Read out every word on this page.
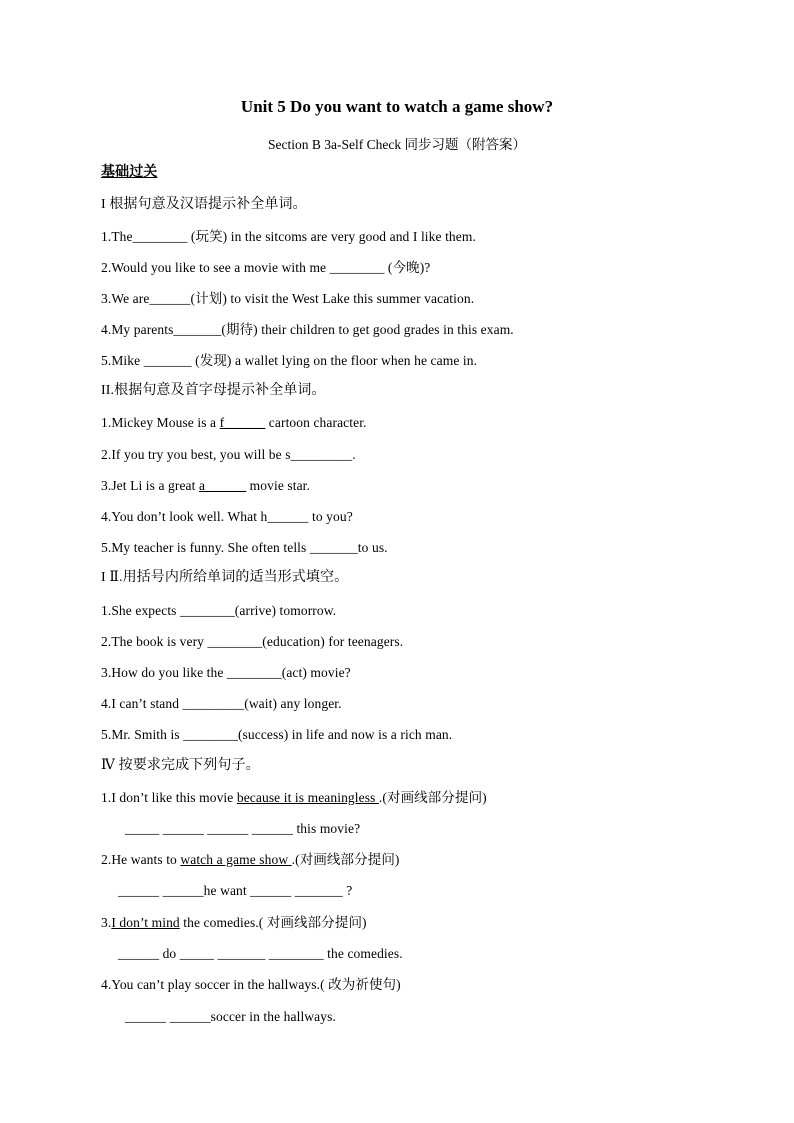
Unit 5 Do you want to watch a game show?
Section B 3a-Self Check 同步习题（附答案）
基础过关
I 根据句意及汉语提示补全单词。
1.The________ (玩笑) in the sitcoms are very good and I like them.
2.Would you like to see a movie with me ________ (今晚)?
3.We are______(计划) to visit the West Lake this summer vacation.
4.My parents_______(期待) their children to get good grades in this exam.
5.Mike _______ (发现) a wallet lying on the floor when he came in.
II.根据句意及首字母提示补全单词。
1.Mickey Mouse is a f______ cartoon character.
2.If you try you best, you will be s_________.
3.Jet Li is a great a______ movie star.
4.You don’t look well. What h______ to you?
5.My teacher is funny. She often tells _______to us.
I Ⅱ.用括号内所给单词的适当形式填空。
1.She expects ________(arrive) tomorrow.
2.The book is very ________(education) for teenagers.
3.How do you like the ________(act) movie?
4.I can’t stand _________(wait) any longer.
5.Mr. Smith is ________(success) in life and now is a rich man.
Ⅳ 按要求完成下列句子。
1.I don’t like this movie because it is meaningless .(对画线部分提问)
_____ ______ ______ ______ this movie?
2.He wants to watch a game show .(对画线部分提问)
______ ______he want ______ _______ ?
3.I don’t mind the comedies.( 对画线部分提问)
______ do _____ _______ ________ the comedies.
4.You can’t play soccer in the hallways.( 改为祈使句)
______ ______soccer in the hallways.
